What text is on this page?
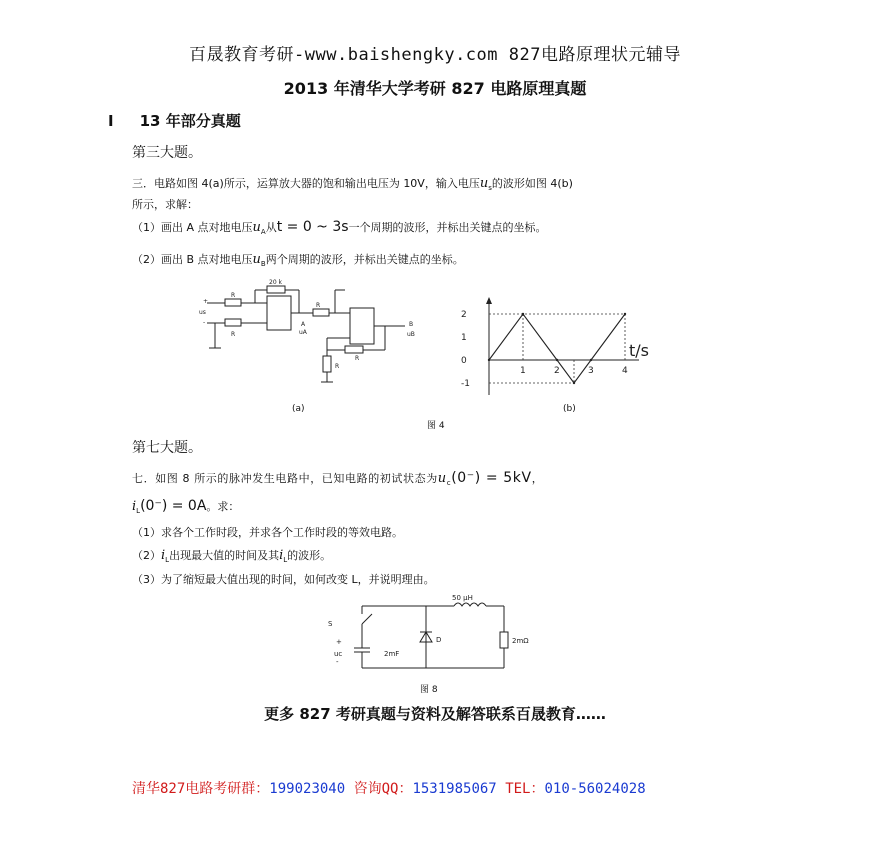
百晟教育考研-www.baishengky.com 827电路原理状元辅导
2013 年清华大学考研 827 电路原理真题
I 13 年部分真题
第三大题。
三．电路如图 4(a)所示，运算放大器的饱和输出电压为 10V，输入电压$u_s$的波形如图 4(b)
所示，求解：
（1）画出 A 点对地电压$u_A$从t = 0 ~ 3s一个周期的波形，并标出关键点的坐标。
（2）画出 B 点对地电压$u_B$两个周期的波形，并标出关键点的坐标。
20 k
R
R
R
R
R
+
-
us
A
uA
B
uB
(a)
1	2	3	4
2
1
0
-1
t/s
(b)
图 4
第七大题。
七．如图 8 所示的脉冲发生电路中，已知电路的初试状态为$u_c(0^-) = 5kV$，
$i_L(0^-) = 0A$。求：
（1）求各个工作时段，并求各个工作时段的等效电路。
$(2)i_L$出现最大值的时间及其$i_L$的波形。
（3）为了缩短最大值出现的时间，如何改变 L，并说明理由。
S
+
-
uc	2mF
D
50 μH
2mΩ
图 8
更多 827 考研真题与资料及解答联系百晟教育……
清华827电路考研群：199023040 咨询QQ：1531985067 TEL：010-56024028
